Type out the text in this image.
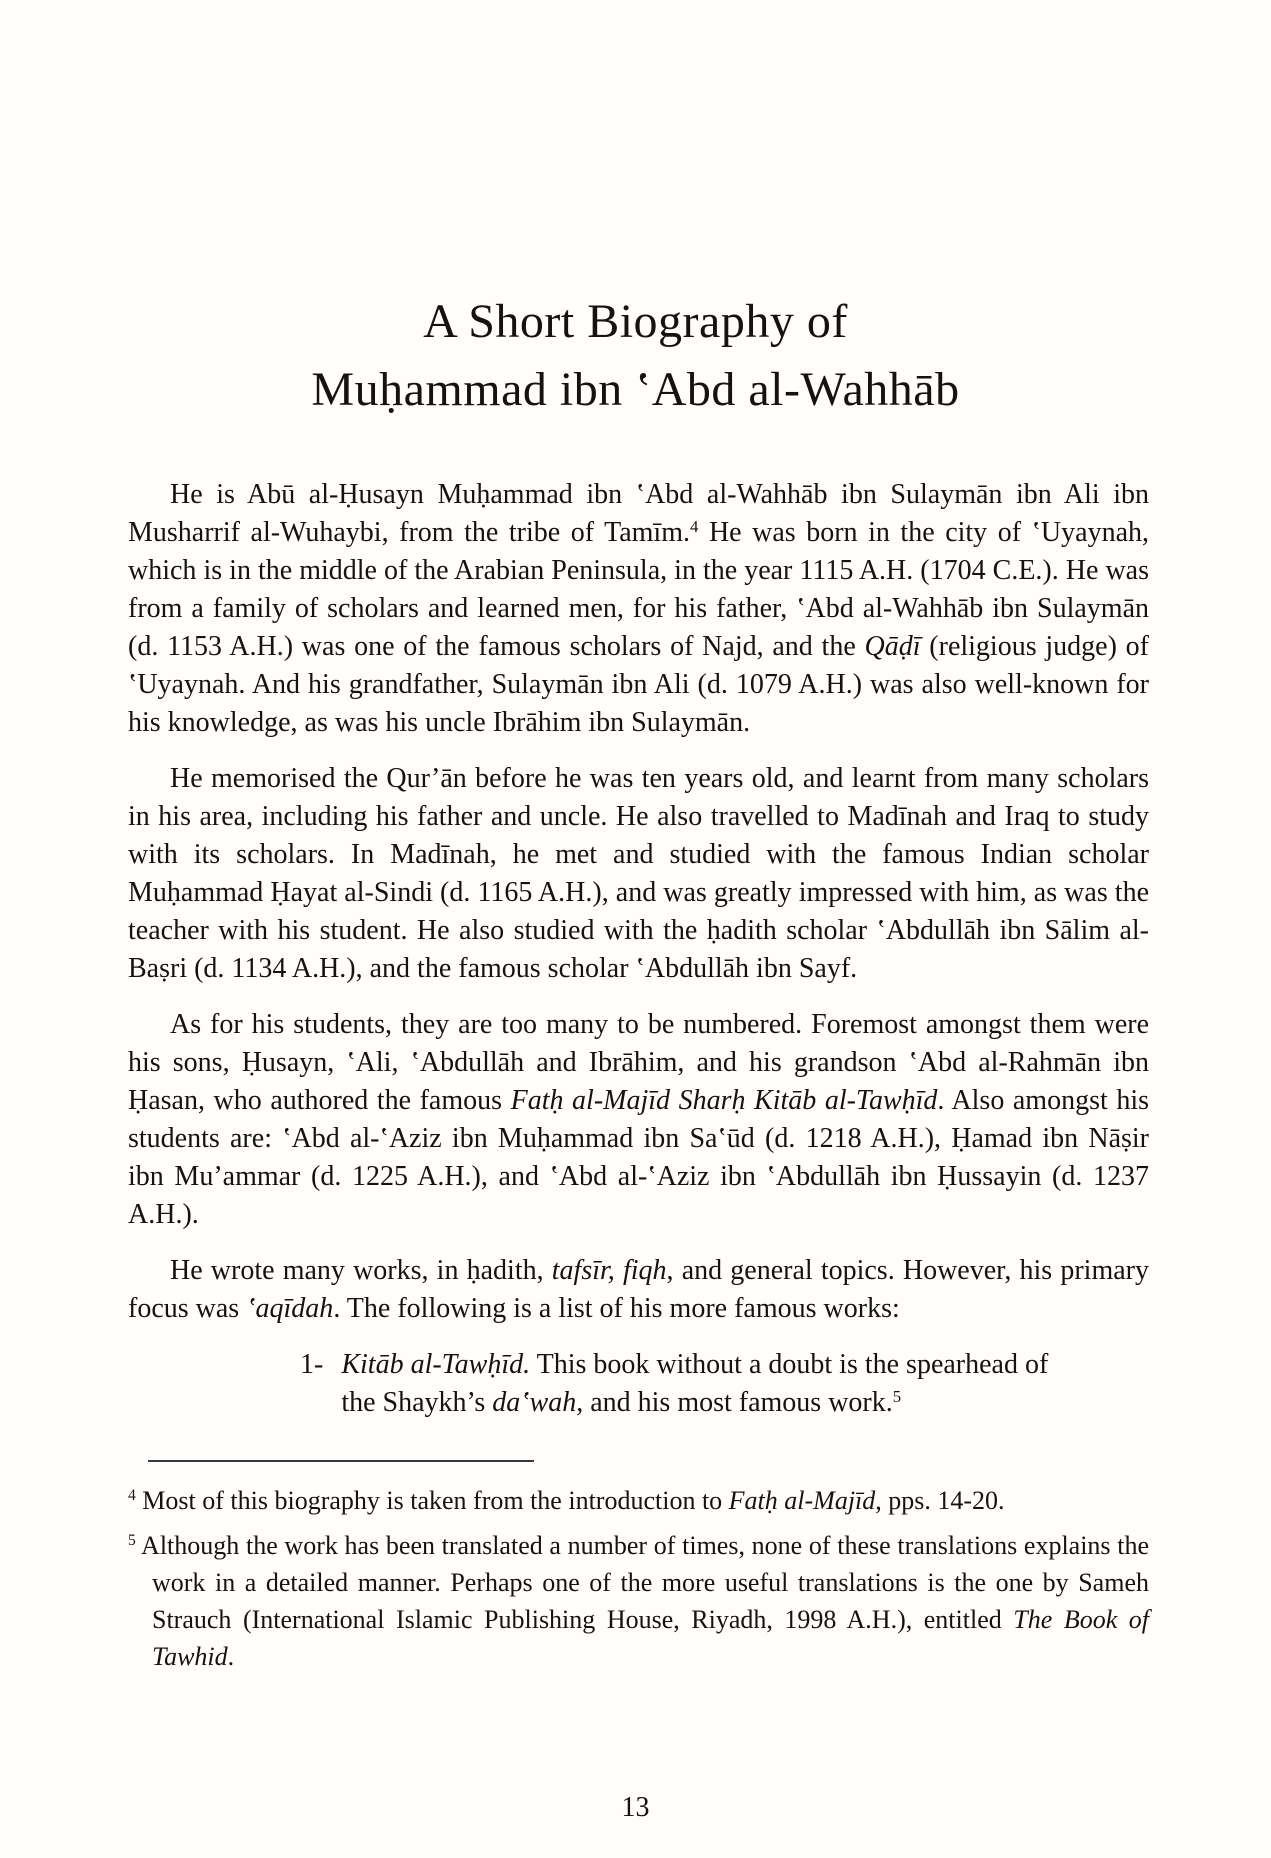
A Short Biography of
Muḥammad ibn ʽAbd al-Wahhāb

He is Abū al-Ḥusayn Muḥammad ibn ʽAbd al-Wahhāb ibn Sulaymān ibn Ali ibn Musharrif al-Wuhaybi, from the tribe of Tamīm.$^4$ He was born in the city of ʽUyaynah, which is in the middle of the Arabian Peninsula, in the year 1115 A.H. (1704 C.E.). He was from a family of scholars and learned men, for his father, ʽAbd al-Wahhāb ibn Sulaymān (d. 1153 A.H.) was one of the famous scholars of Najd, and the Qāḍī (religious judge) of ʽUyaynah. And his grandfather, Sulaymān ibn Ali (d. 1079 A.H.) was also well-known for his knowledge, as was his uncle Ibrāhim ibn Sulaymān.

He memorised the Qur’ān before he was ten years old, and learnt from many scholars in his area, including his father and uncle. He also travelled to Madīnah and Iraq to study with its scholars. In Madīnah, he met and studied with the famous Indian scholar Muḥammad Ḥayat al-Sindi (d. 1165 A.H.), and was greatly impressed with him, as was the teacher with his student. He also studied with the ḥadith scholar ʽAbdullāh ibn Sālim al-Baṣri (d. 1134 A.H.), and the famous scholar ʽAbdullāh ibn Sayf.

As for his students, they are too many to be numbered. Foremost amongst them were his sons, Ḥusayn, ʽAli, ʽAbdullāh and Ibrāhim, and his grandson ʽAbd al-Rahmān ibn Ḥasan, who authored the famous Fatḥ al-Majīd Sharḥ Kitāb al-Tawḥīd. Also amongst his students are: ʽAbd al-ʽAziz ibn Muḥammad ibn Saʽūd (d. 1218 A.H.), Ḥamad ibn Nāṣir ibn Mu’ammar (d. 1225 A.H.), and ʽAbd al-ʽAziz ibn ʽAbdullāh ibn Ḥussayin (d. 1237 A.H.).

He wrote many works, in ḥadith, tafsīr, fiqh, and general topics. However, his primary focus was ʽaqīdah. The following is a list of his more famous works:

1- Kitāb al-Tawḥīd. This book without a doubt is the spearhead of the Shaykh’s daʽwah, and his most famous work.$^5$

$^4$ Most of this biography is taken from the introduction to Fatḥ al-Majīd, pps. 14-20.

$^5$ Although the work has been translated a number of times, none of these translations explains the work in a detailed manner. Perhaps one of the more useful translations is the one by Sameh Strauch (International Islamic Publishing House, Riyadh, 1998 A.H.), entitled The Book of Tawhid.

13
